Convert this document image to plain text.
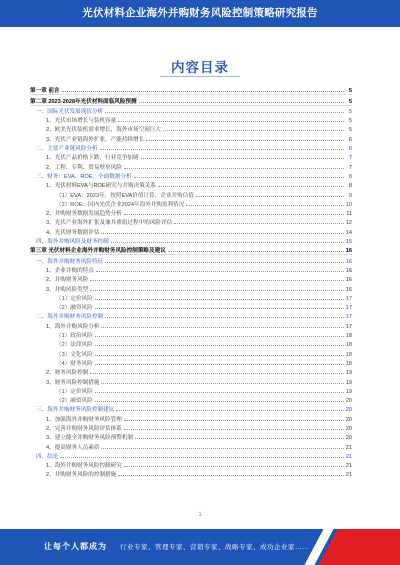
光伏材料企业海外并购财务风险控制策略研究报告
内容目录
第一章 前言	5
第二章 2023-2028年光伏材料面临风险预测	5
一、国际光伏发展现状分析	5
1、光伏市场增长与装机容量	5
2、欧美光伏装机需求增长，海外市场空间巨大	5
3、光伏产业链海外扩张，产能持续增长	6
二、主要产业链风险分析	6
1、光伏产品价格下跌，行业竞争加剧	7
2、工程、专利、贸易壁垒风险	7
三、财务：EVA、ROE、全面数据分析	8
1、光伏材料EVA与ROE研究与并购决策关系	8
（1）EVA：2023年，按照EVA价值计算，企业并购估值	9
（2）ROE：国内光伏企业2024年海外并购盈利情况	10
2、并购财务数据发展趋势分析	11
3、光伏产业海外扩张及兼并重组过程中的风险评估	12
4、光伏财务数据评估	14
四、海外并购风险及财务控制	15
第三章 光伏材料企业海外并购财务风险控制策略及建议	16
一、海外并购财务风险特征	16
1、企业并购的特点	16
2、并购财务风险	16
3、并购风险类型	16
（1）定价风险	17
（2）融资风险	17
二、海外并购财务风险控制	17
1、海外并购风险分析	17
（1）政治风险	18
（2）法律风险	18
（3）文化风险	18
（4）财务风险	18
2、财务风险控制	19
3、财务风险控制措施	19
（1）定价风险	19
（2）融资风险	20
三、海外并购财务风险控制建议	20
1、加强海外并购财务风险管理	20
2、完善并购财务风险评估体系	20
3、建立健全并购财务风险预警机制	20
4、提高财务人员素质	21
四、结论	21
1、海外并购财务风险控制研究	21
2、并购财务风险的控制措施	21
1
让每个人都成为 行业专家、管理专家、营销专家、战略专家、成功企业家……
